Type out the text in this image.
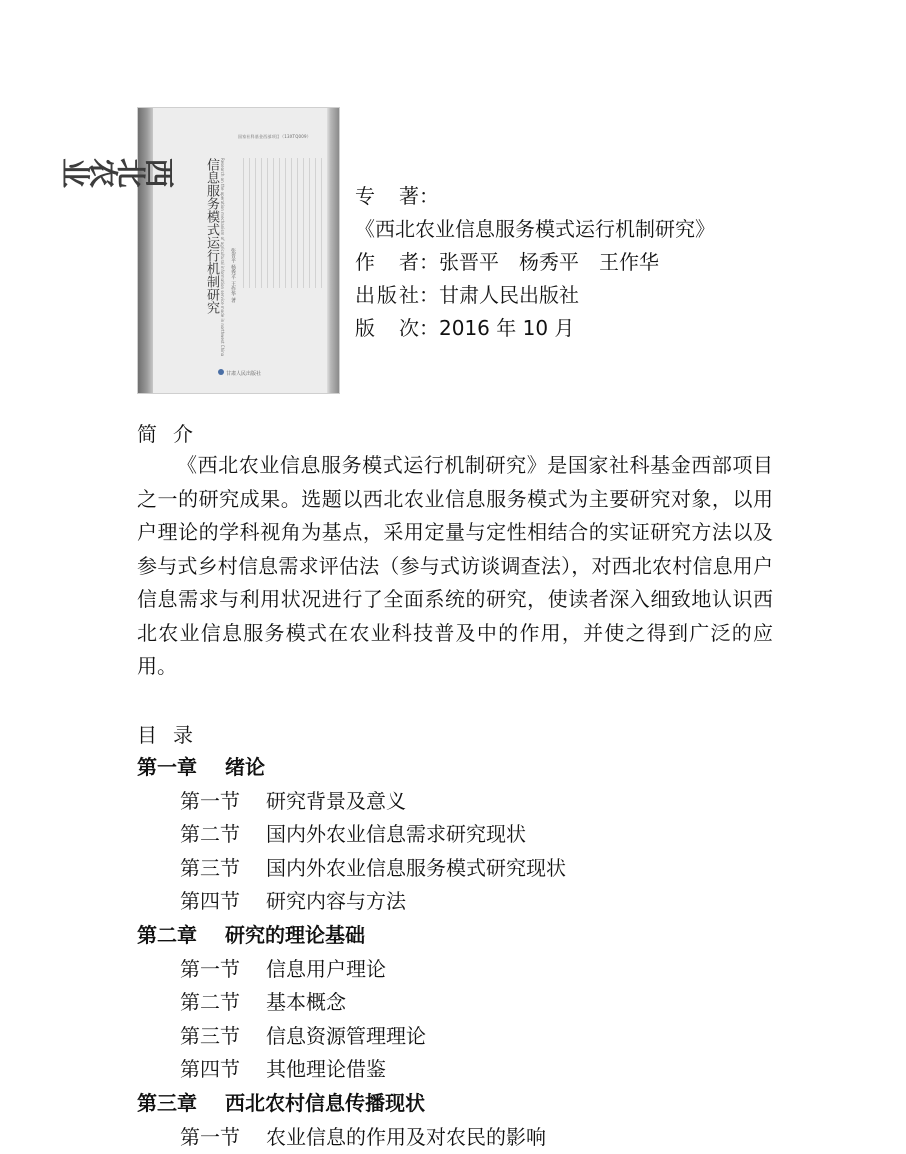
国家社科基金西部项目（13XTQ009）
西北农业 信息服务模式运行机制研究 Research on the operation mechanism of agricultural information service mode in northwest China 张晋平 杨秀平 王作华 著
甘肃人民出版社
专著：《西北农业信息服务模式运行机制研究》
作者：张晋平　杨秀平　王作华
出版社：甘肃人民出版社
版次：2016 年 10 月
简介
《西北农业信息服务模式运行机制研究》是国家社科基金西部项目之一的研究成果。选题以西北农业信息服务模式为主要研究对象，以用户理论的学科视角为基点，采用定量与定性相结合的实证研究方法以及参与式乡村信息需求评估法（参与式访谈调查法），对西北农村信息用户信息需求与利用状况进行了全面系统的研究，使读者深入细致地认识西北农业信息服务模式在农业科技普及中的作用，并使之得到广泛的应用。
目录
第一章 绪论
第一节 研究背景及意义
第二节 国内外农业信息需求研究现状
第三节 国内外农业信息服务模式研究现状
第四节 研究内容与方法
第二章 研究的理论基础
第一节 信息用户理论
第二节 基本概念
第三节 信息资源管理理论
第四节 其他理论借鉴
第三章 西北农村信息传播现状
第一节 农业信息的作用及对农民的影响
